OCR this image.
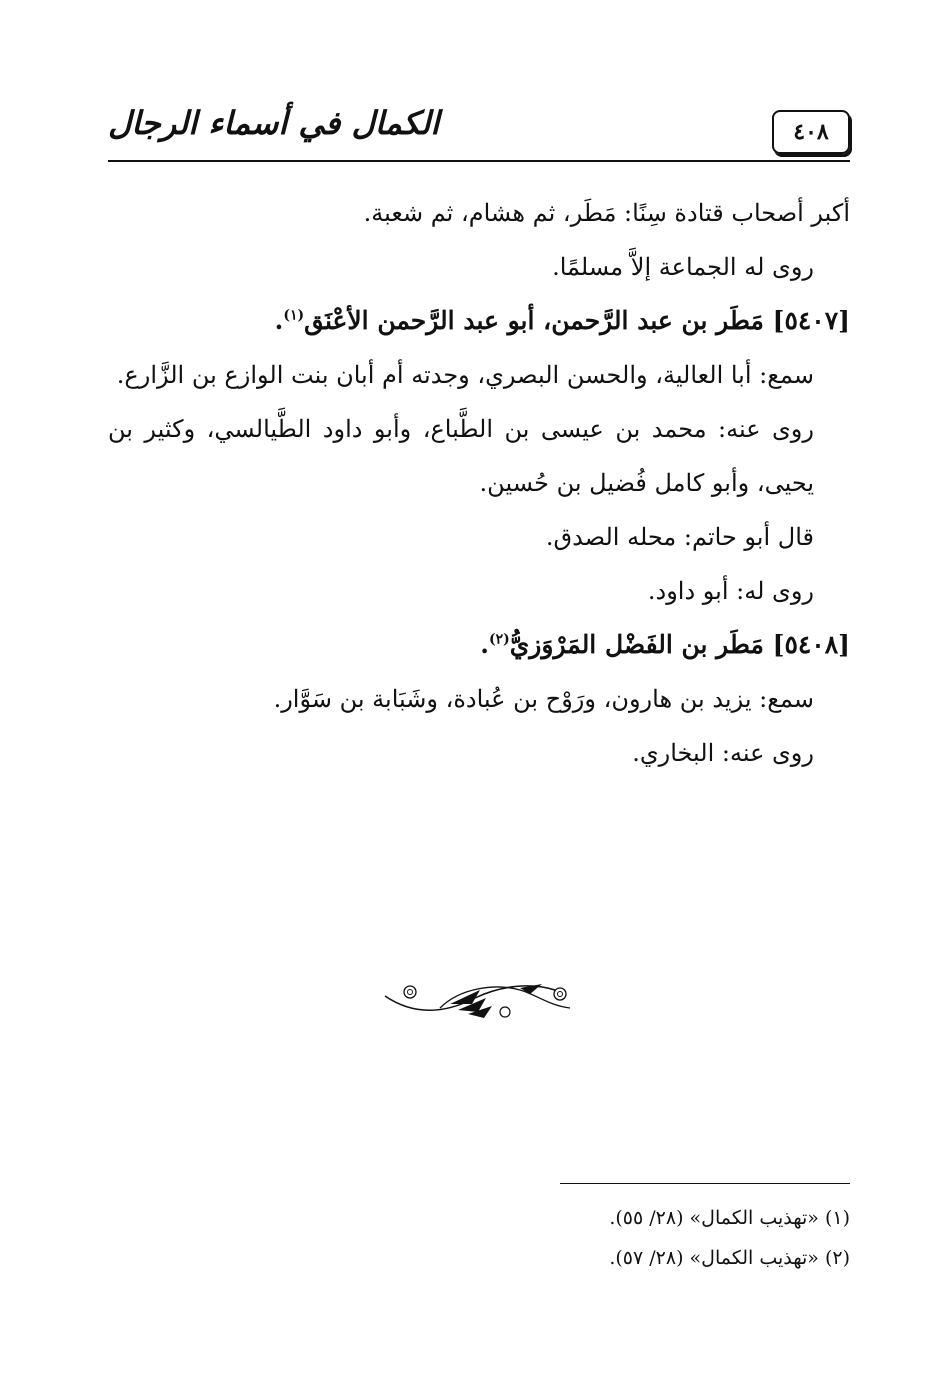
٤٠٨
الكمال في أسماء الرجال

أكبر أصحاب قتادة سِنًا: مَطَر، ثم هشام، ثم شعبة.

روى له الجماعة إلاَّ مسلمًا.

[٥٤٠٧] مَطَر بن عبد الرَّحمن، أبو عبد الرَّحمن الأعْنَق$^{(١)}$.

سمع: أبا العالية، والحسن البصري، وجدته أم أبان بنت الوازع بن الزَّارع.

روى عنه: محمد بن عيسى بن الطَّباع، وأبو داود الطَّيالسي، وكثير بن يحيى، وأبو كامل فُضيل بن حُسين.

قال أبو حاتم: محله الصدق.

روى له: أبو داود.

[٥٤٠٨] مَطَر بن الفَضْل المَرْوَزيُّ$^{(٢)}$.

سمع: يزيد بن هارون، ورَوْح بن عُبادة، وشَبَابة بن سَوَّار.

روى عنه: البخاري.

(١) «تهذيب الكمال» (٢٨/ ٥٥).

(٢) «تهذيب الكمال» (٢٨/ ٥٧).
